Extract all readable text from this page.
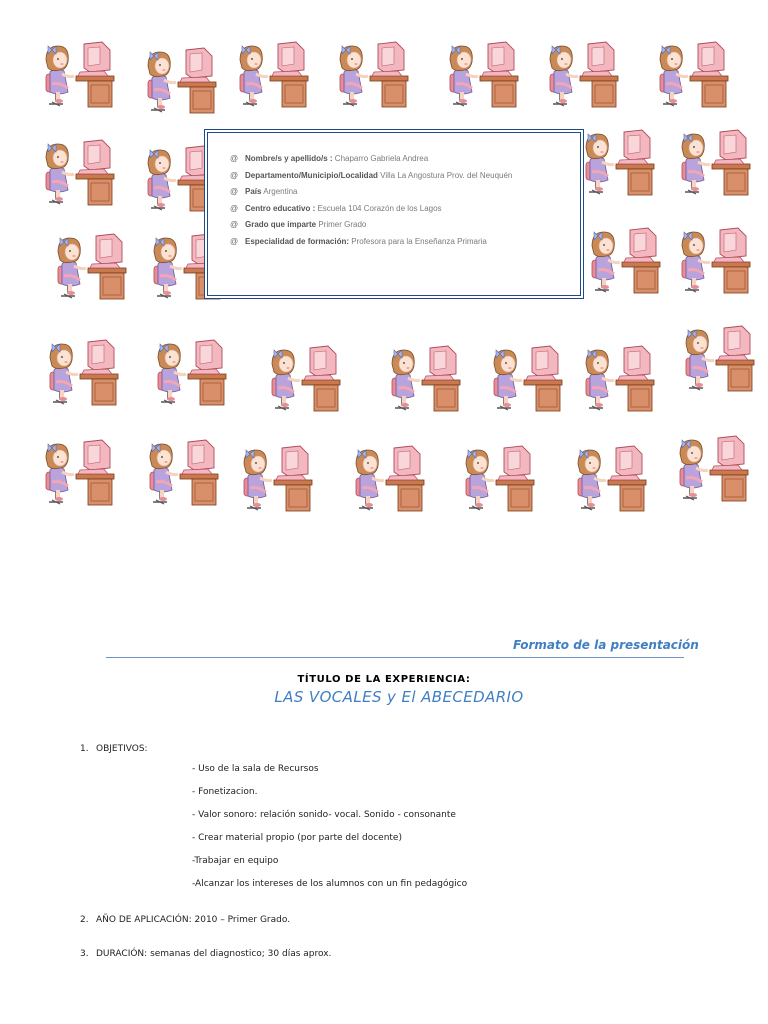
@ Nombre/s y apellido/s : Chaparro Gabriela Andrea
@ Departamento/Municipio/Localidad Villa La Angostura Prov. del Neuquén
@ País Argentina
@ Centro educativo : Escuela 104 Corazón de los Lagos
@ Grado que imparte Primer Grado
@ Especialidad de formación: Profesora para la Enseñanza Primaria
Formato de la presentación
TÍTULO DE LA EXPERIENCIA:
LAS VOCALES y El ABECEDARIO
1. OBJETIVOS:
- Uso de la sala de Recursos
- Fonetizacion.
- Valor sonoro: relación sonido- vocal. Sonido - consonante
- Crear material propio (por parte del docente)
-Trabajar en equipo
-Alcanzar los intereses de los alumnos con un fin pedagógico
2. AÑO DE APLICACIÓN: 2010 – Primer Grado.
3. DURACIÓN: semanas del diagnostico; 30 días aprox.
